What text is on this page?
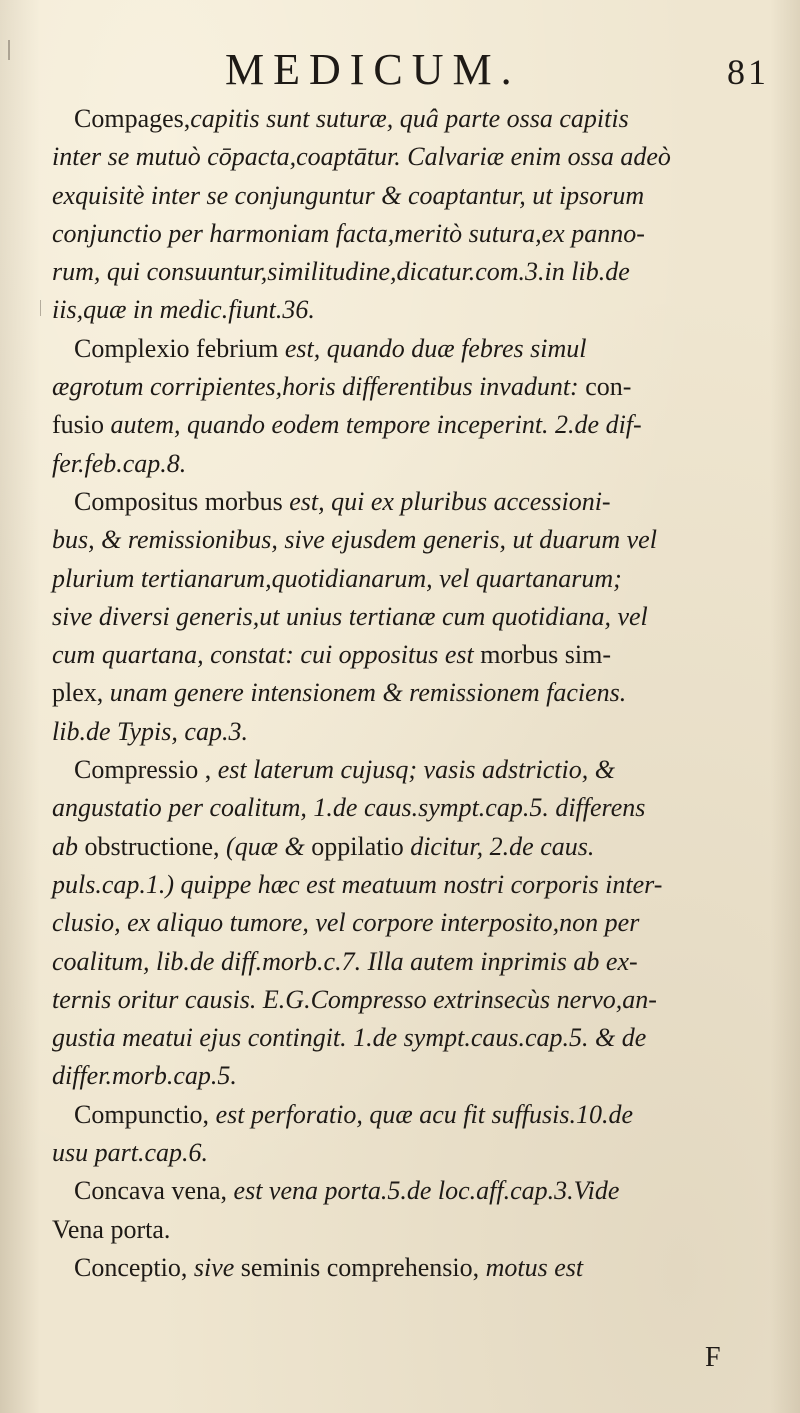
MEDICUM.	81
Compages,capitis sunt suturæ, quâ parte ossa capitis
inter se mutuò cōpacta,coaptātur. Calvariæ enim ossa adeò
exquisitè inter se conjunguntur & coaptantur, ut ipsorum
conjunctio per harmoniam facta,meritò sutura,ex panno-
rum, qui consuuntur,similitudine,dicatur.com.3.in lib.de
iis,quæ in medic.fiunt.36.
Complexio febrium est, quando duæ febres simul
ægrotum corripientes,horis differentibus invadunt: con-
fusio autem, quando eodem tempore inceperint. 2.de dif-
fer.feb.cap.8.
Compositus morbus est, qui ex pluribus accessioni-
bus, & remissionibus, sive ejusdem generis, ut duarum vel
plurium tertianarum,quotidianarum, vel quartanarum;
sive diversi generis,ut unius tertianæ cum quotidiana, vel
cum quartana, constat: cui oppositus est morbus sim-
plex, unam genere intensionem & remissionem faciens.
lib.de Typis, cap.3.
Compressio , est laterum cujusq; vasis adstrictio, &
angustatio per coalitum, 1.de caus.sympt.cap.5. differens
ab obstructione, (quæ & oppilatio dicitur, 2.de caus.
puls.cap.1.) quippe hæc est meatuum nostri corporis inter-
clusio, ex aliquo tumore, vel corpore interposito,non per
coalitum, lib.de diff.morb.c.7. Illa autem inprimis ab ex-
ternis oritur causis. E.G.Compresso extrinsecùs nervo,an-
gustia meatui ejus contingit. 1.de sympt.caus.cap.5. & de
differ.morb.cap.5.
Compunctio, est perforatio, quæ acu fit suffusis.10.de
usu part.cap.6.
Concava vena, est vena porta.5.de loc.aff.cap.3.Vide
Vena porta.
Conceptio, sive seminis comprehensio, motus est
F
